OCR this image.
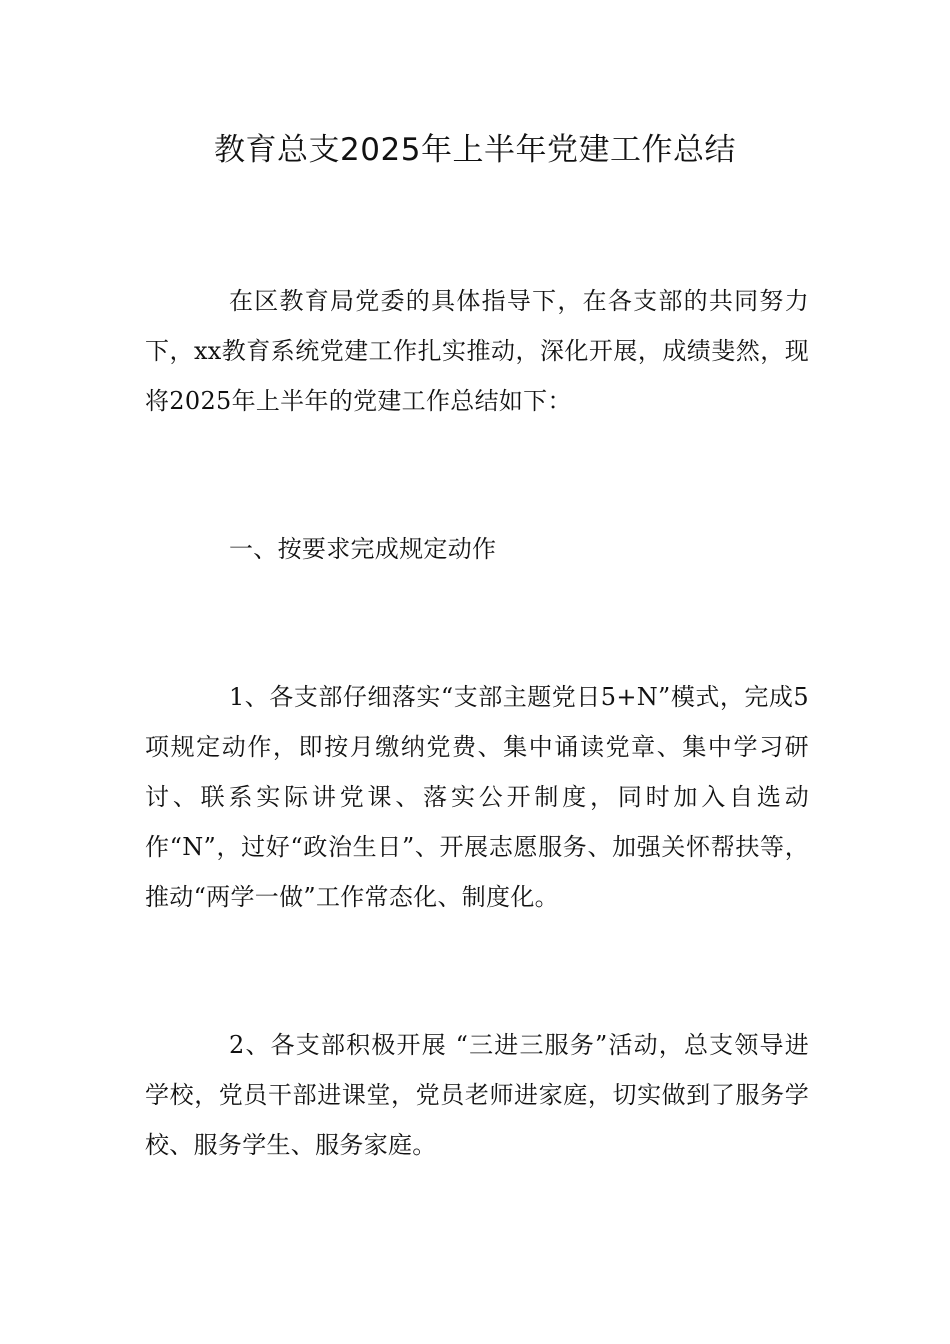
教育总支2025年上半年党建工作总结

在区教育局党委的具体指导下，在各支部的共同努力下，xx教育系统党建工作扎实推动，深化开展，成绩斐然，现将2025年上半年的党建工作总结如下：

一、按要求完成规定动作

1、各支部仔细落实“支部主题党日5+N”模式，完成5项规定动作，即按月缴纳党费、集中诵读党章、集中学习研讨、联系实际讲党课、落实公开制度，同时加入自选动作“N”，过好“政治生日”、开展志愿服务、加强关怀帮扶等，推动“两学一做”工作常态化、制度化。

2、各支部积极开展 “三进三服务”活动，总支领导进学校，党员干部进课堂，党员老师进家庭，切实做到了服务学校、服务学生、服务家庭。
